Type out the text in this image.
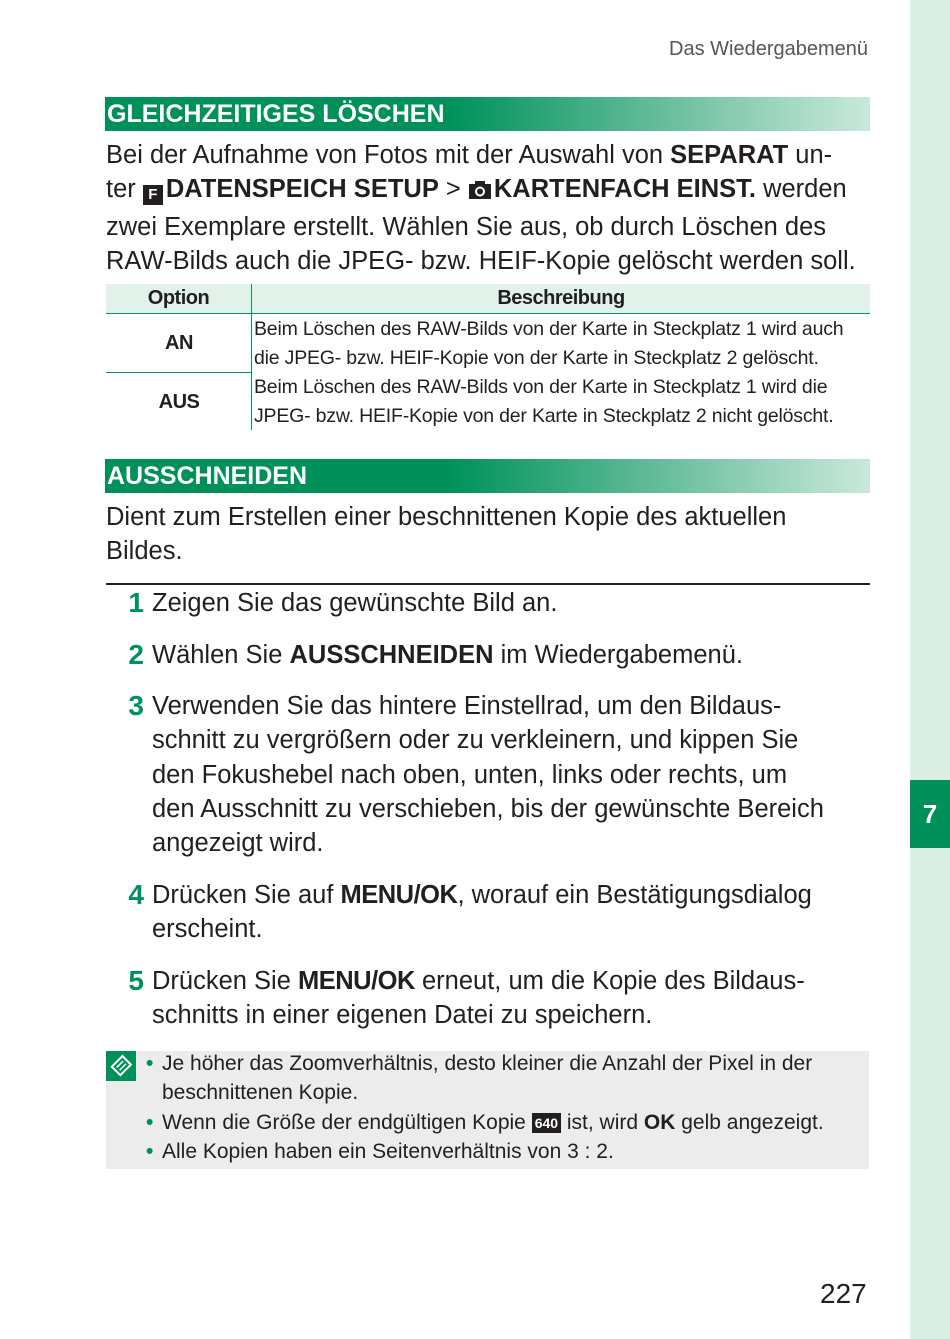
7
Das Wiedergabemenü
GLEICHZEITIGES LÖSCHEN
Bei der Aufnahme von Fotos mit der Auswahl von SEPARAT un-
ter F DATENSPEICH SETUP > KARTENFACH EINST. werden
zwei Exemplare erstellt. Wählen Sie aus, ob durch Löschen des
RAW-Bilds auch die JPEG- bzw. HEIF-Kopie gelöscht werden soll.
Option	Beschreibung
AN	Beim Löschen des RAW-Bilds von der Karte in Steckplatz 1 wird auch
die JPEG- bzw. HEIF-Kopie von der Karte in Steckplatz 2 gelöscht.

AUS	Beim Löschen des RAW-Bilds von der Karte in Steckplatz 1 wird die
JPEG- bzw. HEIF-Kopie von der Karte in Steckplatz 2 nicht gelöscht.
AUSSCHNEIDEN
Dient zum Erstellen einer beschnittenen Kopie des aktuellen
Bildes.
1 Zeigen Sie das gewünschte Bild an.
2 Wählen Sie AUSSCHNEIDEN im Wiedergabemenü.
3 Verwenden Sie das hintere Einstellrad, um den Bildaus-
schnitt zu vergrößern oder zu verkleinern, und kippen Sie
den Fokushebel nach oben, unten, links oder rechts, um
den Ausschnitt zu verschieben, bis der gewünschte Bereich
angezeigt wird.
4 Drücken Sie auf MENU/OK, worauf ein Bestätigungsdialog
erscheint.
5 Drücken Sie MENU/OK erneut, um die Kopie des Bildaus-
schnitts in einer eigenen Datei zu speichern.
• Je höher das Zoomverhältnis, desto kleiner die Anzahl der Pixel in der
beschnittenen Kopie.
• Wenn die Größe der endgültigen Kopie 640 ist, wird OK gelb angezeigt.
• Alle Kopien haben ein Seitenverhältnis von 3 : 2.
227
